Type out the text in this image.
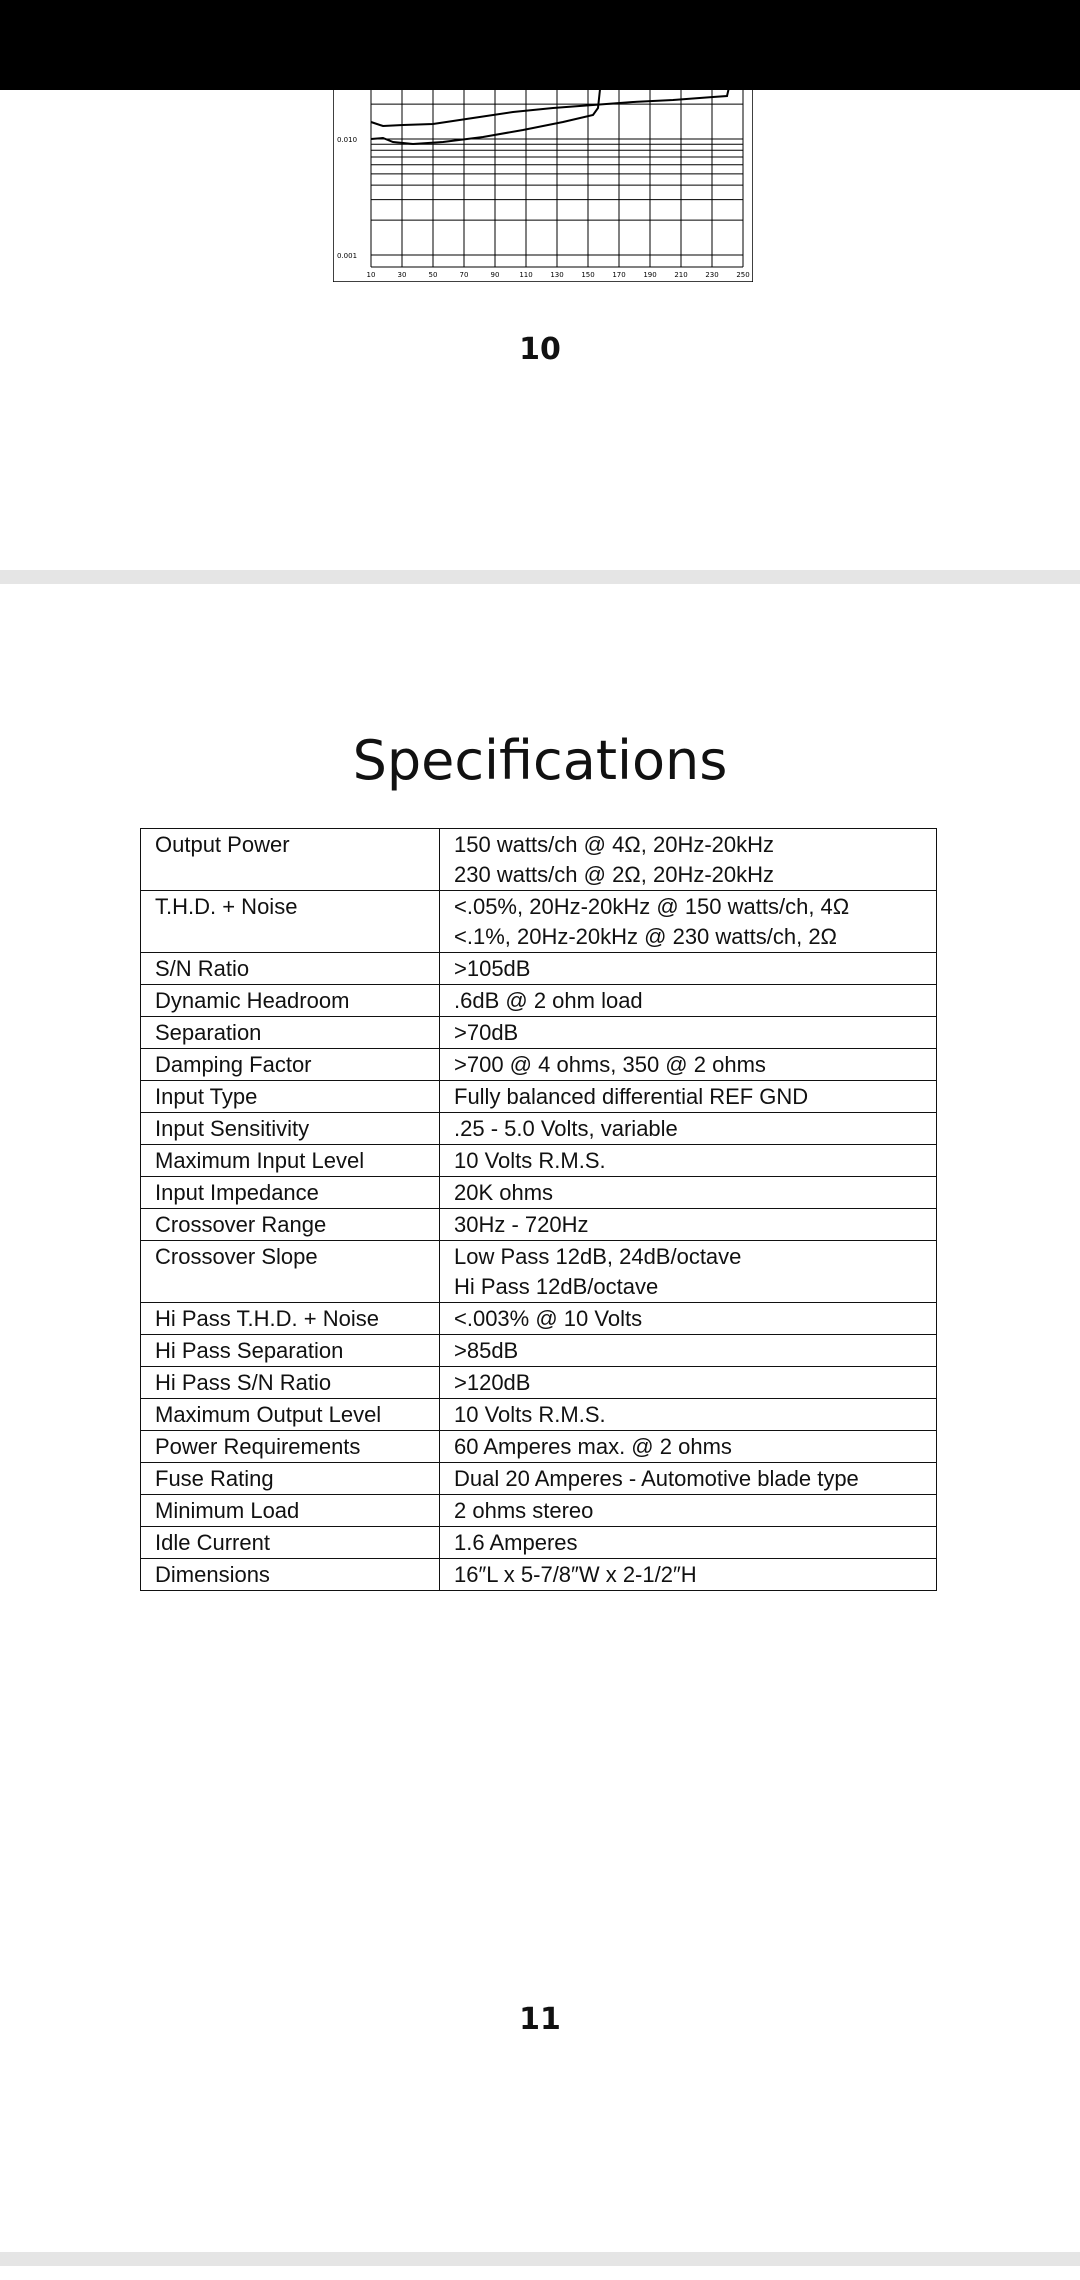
10	30	50	70	90	110	130	150	170	190	210	230	250
0.010
0.001
10
Specifications
Output Power	150 watts/ch @ 4Ω, 20Hz-20kHz
230 watts/ch @ 2Ω, 20Hz-20kHz

T.H.D. + Noise	<.05%, 20Hz-20kHz @ 150 watts/ch, 4Ω
<.1%, 20Hz-20kHz @ 230 watts/ch, 2Ω

S/N Ratio	>105dB

Dynamic Headroom	.6dB @ 2 ohm load

Separation	>70dB

Damping Factor	>700 @ 4 ohms, 350 @ 2 ohms

Input Type	Fully balanced differential REF GND

Input Sensitivity	.25 - 5.0 Volts, variable

Maximum Input Level	10 Volts R.M.S.

Input Impedance	20K ohms

Crossover Range	30Hz - 720Hz

Crossover Slope	Low Pass 12dB, 24dB/octave
Hi Pass 12dB/octave

Hi Pass T.H.D. + Noise	<.003% @ 10 Volts

Hi Pass Separation	>85dB

Hi Pass S/N Ratio	>120dB

Maximum Output Level	10 Volts R.M.S.

Power Requirements	60 Amperes max. @ 2 ohms

Fuse Rating	Dual 20 Amperes - Automotive blade type

Minimum Load	2 ohms stereo

Idle Current	1.6 Amperes

Dimensions	16″L x 5-7/8″W x 2-1/2″H
11
